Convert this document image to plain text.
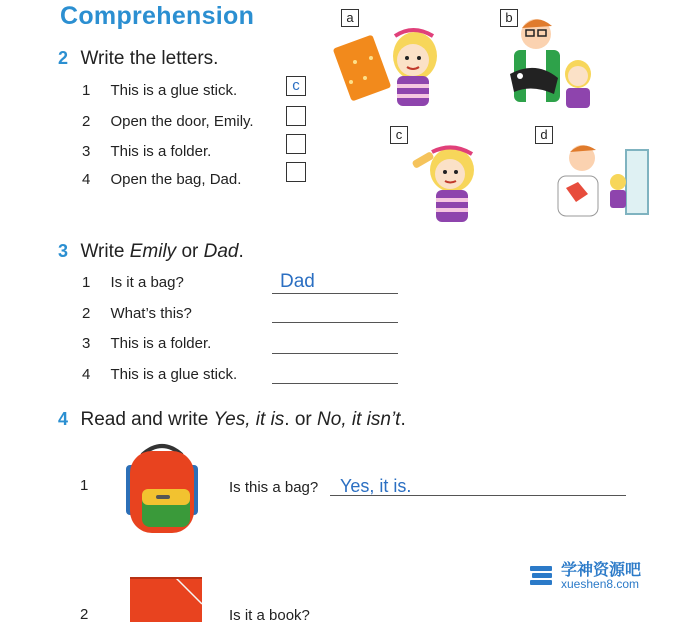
Comprehension
2 Write the letters.
1 This is a glue stick.	c
2 Open the door, Emily.
3 This is a folder.
4 Open the bag, Dad.
a	b
c	d
3 Write Emily or Dad.
1 Is it a bag?	Dad
2 What’s this?
3 This is a folder.
4 This is a glue stick.
4 Read and write Yes, it is. or No, it isn’t.
1	Is this a bag? Yes, it is.
2	Is it a book?
学神资源吧
xueshen8.com
